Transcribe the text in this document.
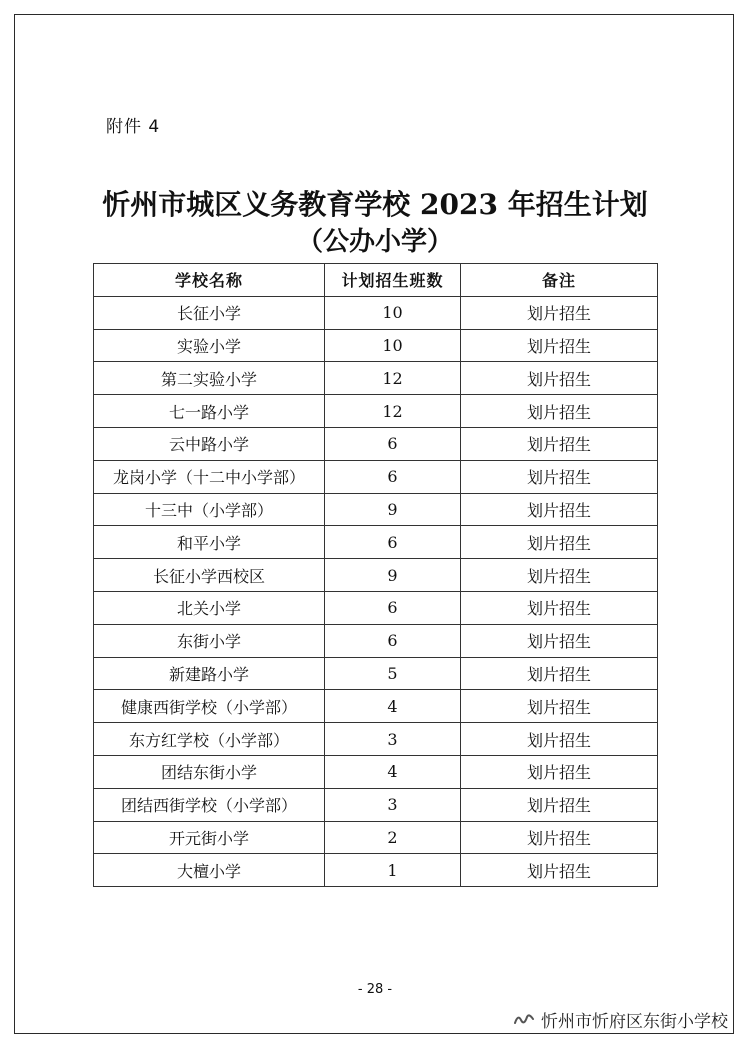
附件 4
忻州市城区义务教育学校 2023 年招生计划
（公办小学）
学校名称	计划招生班数	备注
长征小学	10	划片招生
实验小学	10	划片招生
第二实验小学	12	划片招生
七一路小学	12	划片招生
云中路小学	6	划片招生
龙岗小学（十二中小学部）	6	划片招生
十三中（小学部）	9	划片招生
和平小学	6	划片招生
长征小学西校区	9	划片招生
北关小学	6	划片招生
东街小学	6	划片招生
新建路小学	5	划片招生
健康西街学校（小学部）	4	划片招生
东方红学校（小学部）	3	划片招生
团结东街小学	4	划片招生
团结西街学校（小学部）	3	划片招生
开元街小学	2	划片招生
大檀小学	1	划片招生
- 28 -
忻州市忻府区东街小学校
